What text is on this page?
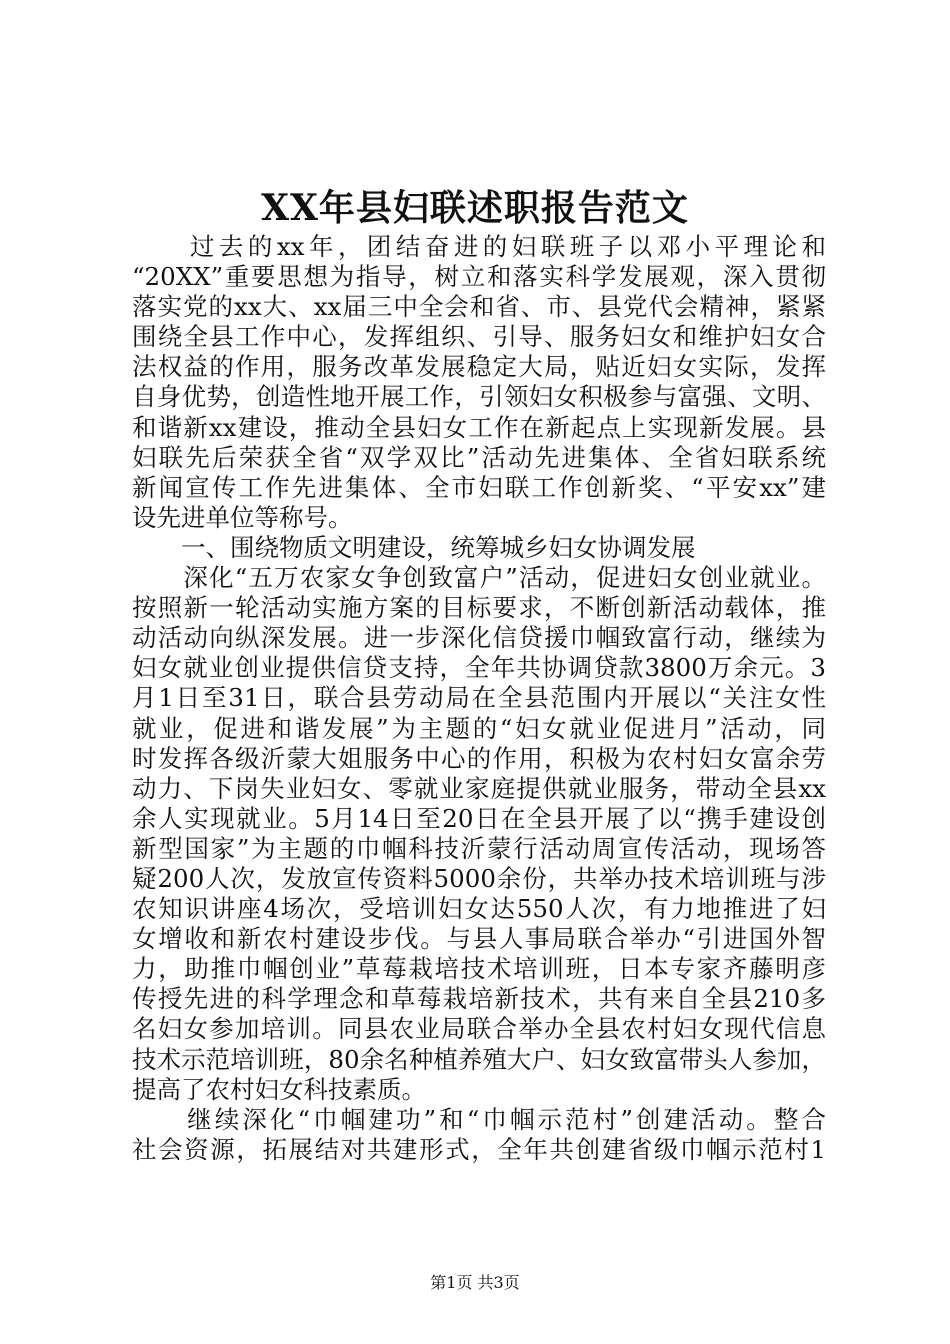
XX年县妇联述职报告范文
　　过去的xx年，团结奋进的妇联班子以邓小平理论和
“20XX”重要思想为指导，树立和落实科学发展观，深入贯彻
落实党的xx大、xx届三中全会和省、市、县党代会精神，紧紧
围绕全县工作中心，发挥组织、引导、服务妇女和维护妇女合
法权益的作用，服务改革发展稳定大局，贴近妇女实际，发挥
自身优势，创造性地开展工作，引领妇女积极参与富强、文明、
和谐新xx建设，推动全县妇女工作在新起点上实现新发展。县
妇联先后荣获全省“双学双比”活动先进集体、全省妇联系统
新闻宣传工作先进集体、全市妇联工作创新奖、“平安xx”建
设先进单位等称号。
　　一、围绕物质文明建设，统筹城乡妇女协调发展
　　深化“五万农家女争创致富户”活动，促进妇女创业就业。
按照新一轮活动实施方案的目标要求，不断创新活动载体，推
动活动向纵深发展。进一步深化信贷援巾帼致富行动，继续为
妇女就业创业提供信贷支持，全年共协调贷款3800万余元。3
月1日至31日，联合县劳动局在全县范围内开展以“关注女性
就业，促进和谐发展”为主题的“妇女就业促进月”活动，同
时发挥各级沂蒙大姐服务中心的作用，积极为农村妇女富余劳
动力、下岗失业妇女、零就业家庭提供就业服务，带动全县xx
余人实现就业。5月14日至20日在全县开展了以“携手建设创
新型国家”为主题的巾帼科技沂蒙行活动周宣传活动，现场答
疑200人次，发放宣传资料5000余份，共举办技术培训班与涉
农知识讲座4场次，受培训妇女达550人次，有力地推进了妇
女增收和新农村建设步伐。与县人事局联合举办“引进国外智
力，助推巾帼创业”草莓栽培技术培训班，日本专家齐藤明彦
传授先进的科学理念和草莓栽培新技术，共有来自全县210多
名妇女参加培训。同县农业局联合举办全县农村妇女现代信息
技术示范培训班，80余名种植养殖大户、妇女致富带头人参加，
提高了农村妇女科技素质。
　　继续深化“巾帼建功”和“巾帼示范村”创建活动。整合
社会资源，拓展结对共建形式，全年共创建省级巾帼示范村1
第1页 共3页
